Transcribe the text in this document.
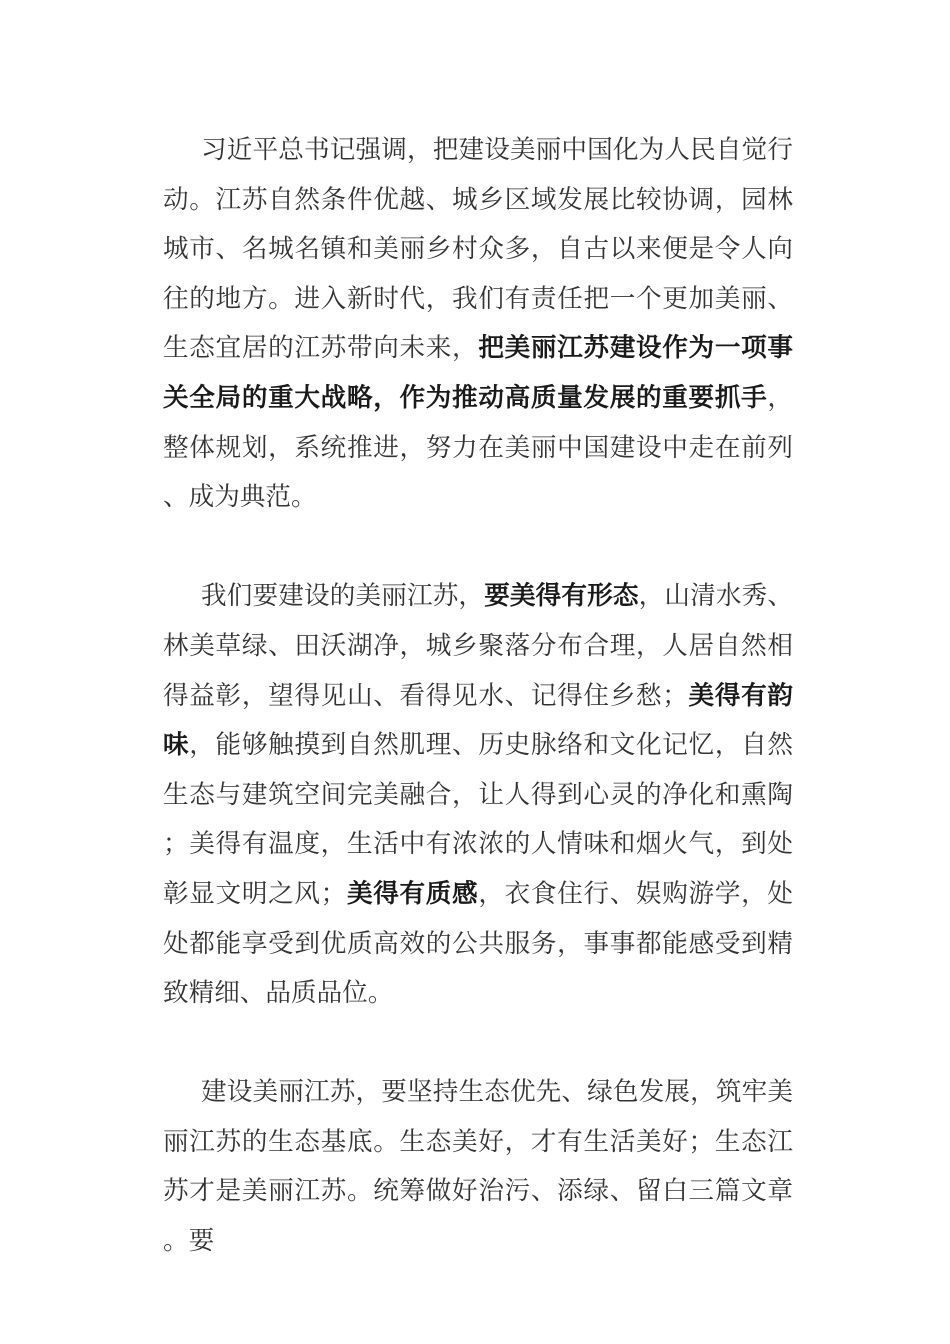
习近平总书记强调，把建设美丽中国化为人民自觉行动。江苏自然条件优越、城乡区域发展比较协调，园林城市、名城名镇和美丽乡村众多，自古以来便是令人向往的地方。进入新时代，我们有责任把一个更加美丽、生态宜居的江苏带向未来，把美丽江苏建设作为一项事关全局的重大战略，作为推动高质量发展的重要抓手，整体规划，系统推进，努力在美丽中国建设中走在前列、成为典范。

我们要建设的美丽江苏，要美得有形态，山清水秀、林美草绿、田沃湖净，城乡聚落分布合理，人居自然相得益彰，望得见山、看得见水、记得住乡愁；美得有韵味，能够触摸到自然肌理、历史脉络和文化记忆，自然生态与建筑空间完美融合，让人得到心灵的净化和熏陶；美得有温度，生活中有浓浓的人情味和烟火气，到处彰显文明之风；美得有质感，衣食住行、娱购游学，处处都能享受到优质高效的公共服务，事事都能感受到精致精细、品质品位。

建设美丽江苏，要坚持生态优先、绿色发展，筑牢美丽江苏的生态基底。生态美好，才有生活美好；生态江苏才是美丽江苏。统筹做好治污、添绿、留白三篇文章。要
